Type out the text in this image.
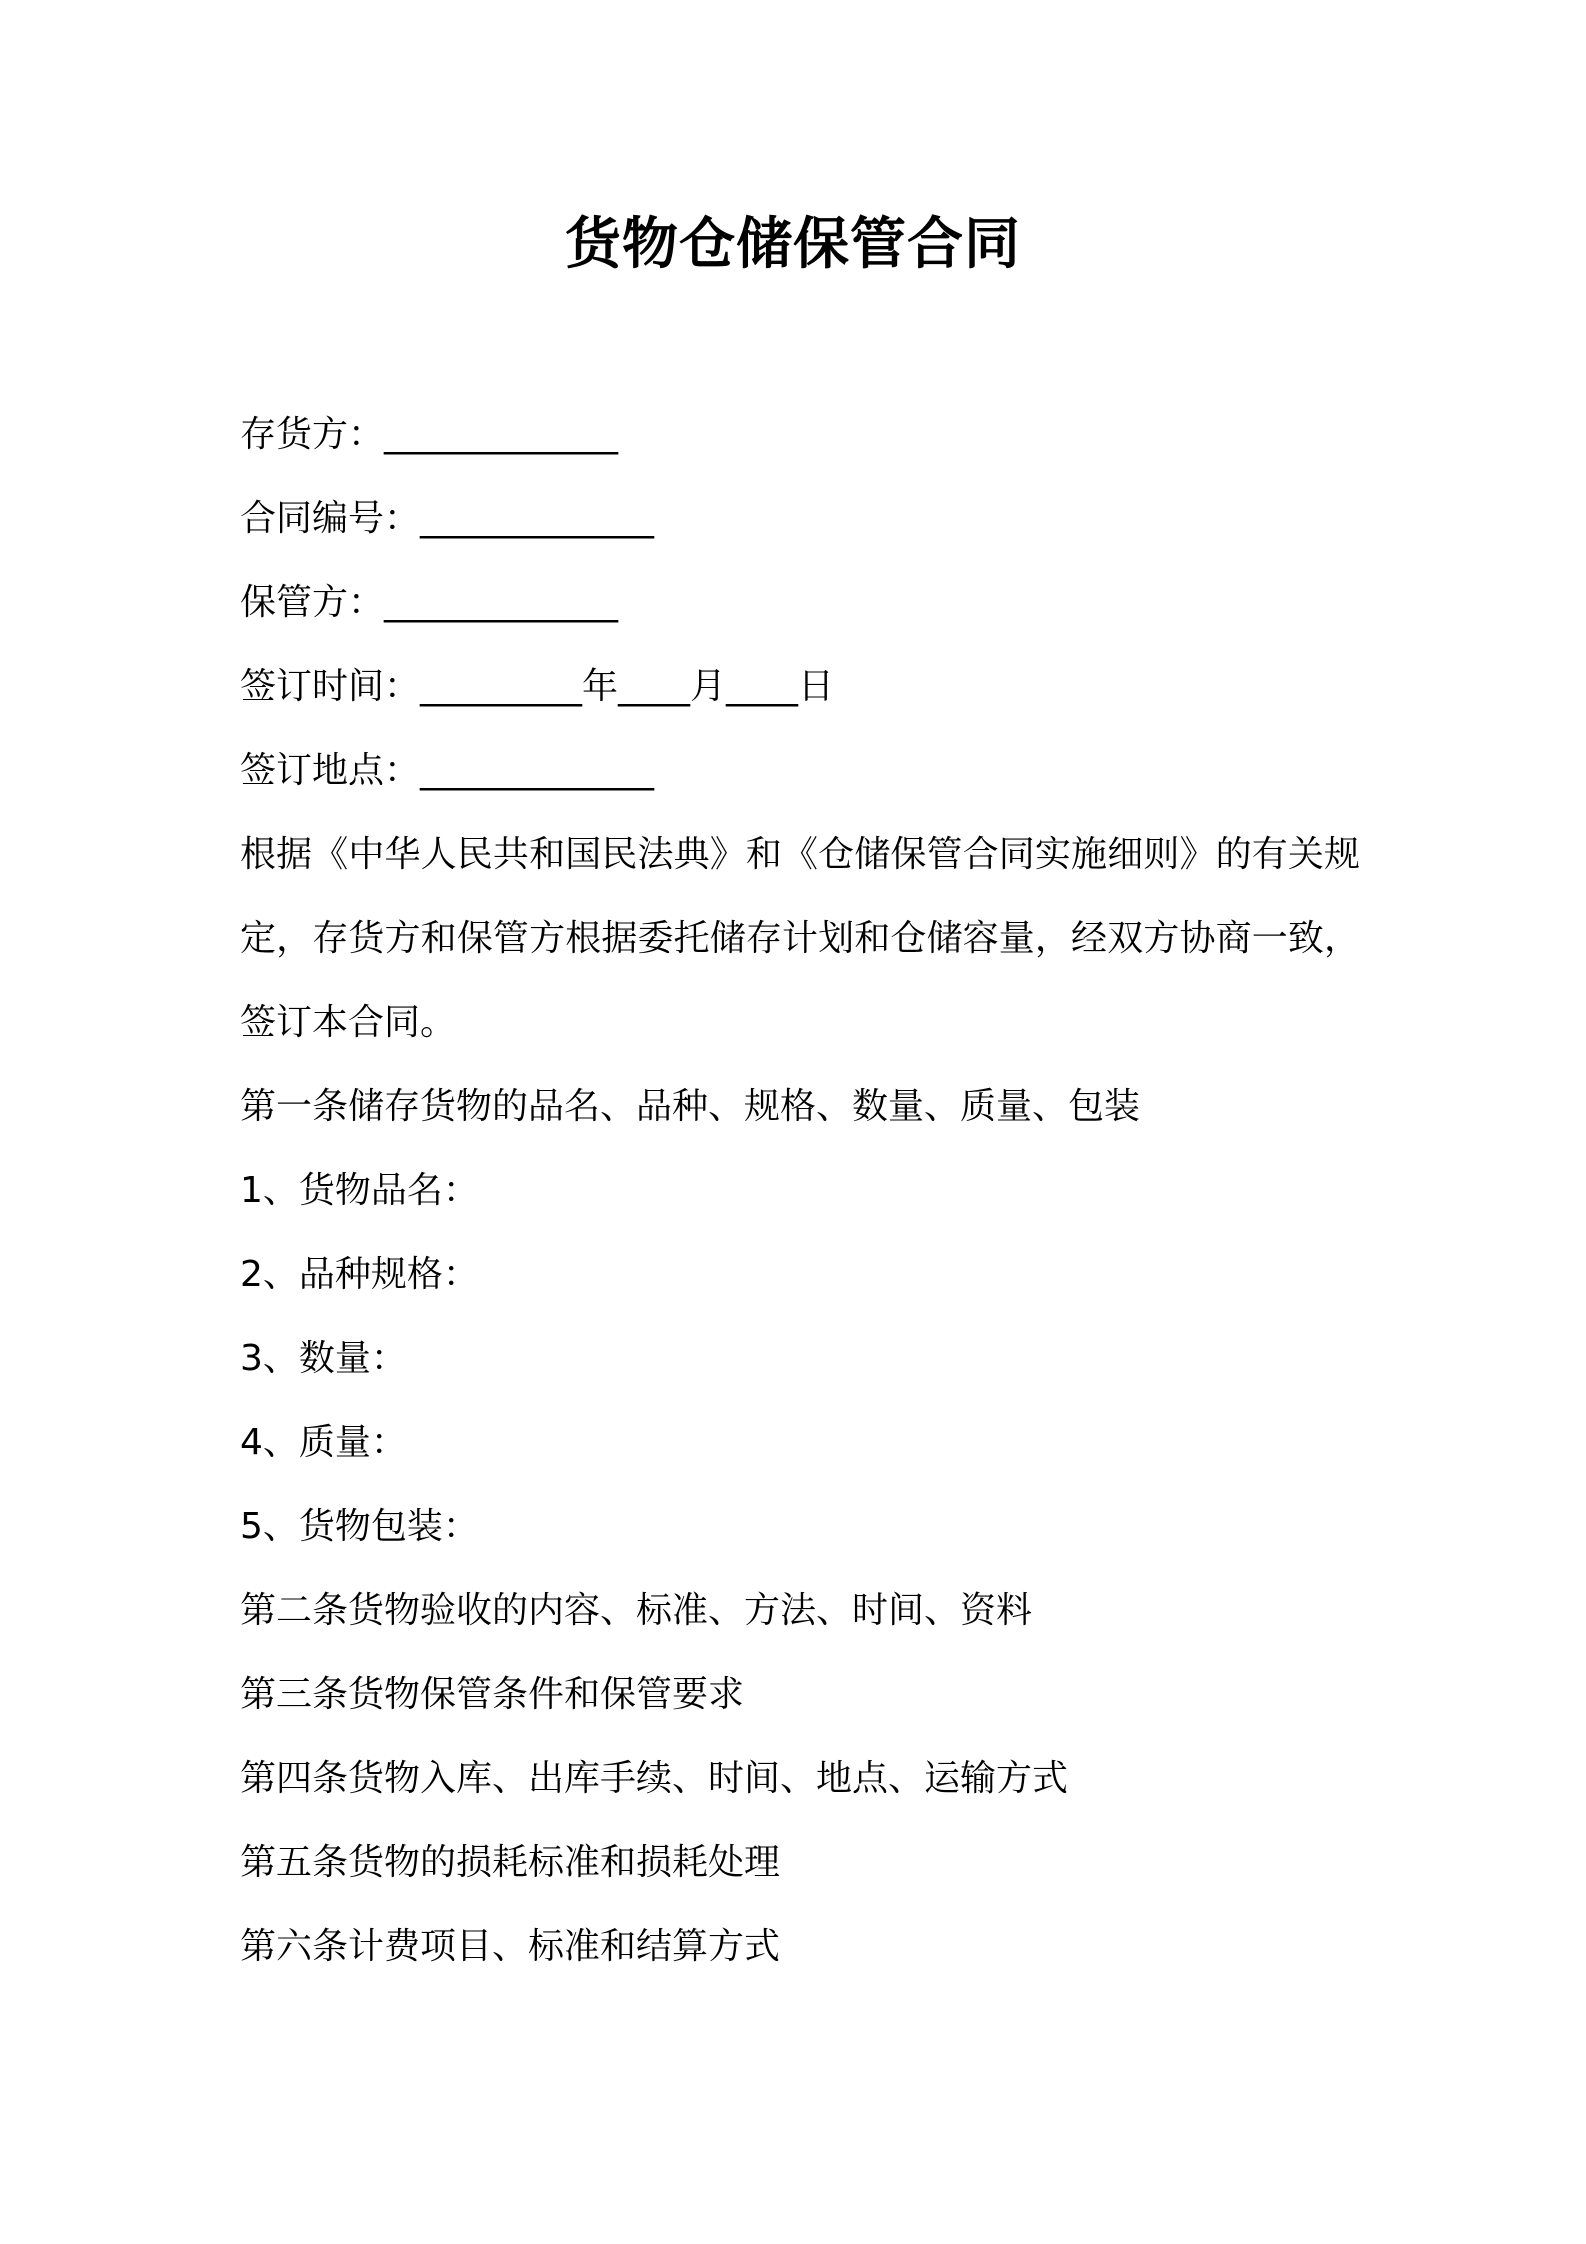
货物仓储保管合同
存货方：_____________
合同编号：_____________
保管方：_____________
签订时间：_________年____月____日
签订地点：_____________
根据《中华人民共和国民法典》和《仓储保管合同实施细则》的有关规定，存货方和保管方根据委托储存计划和仓储容量，经双方协商一致，签订本合同。
第一条储存货物的品名、品种、规格、数量、质量、包装
1、货物品名：
2、品种规格：
3、数量：
4、质量：
5、货物包装：
第二条货物验收的内容、标准、方法、时间、资料
第三条货物保管条件和保管要求
第四条货物入库、出库手续、时间、地点、运输方式
第五条货物的损耗标准和损耗处理
第六条计费项目、标准和结算方式
